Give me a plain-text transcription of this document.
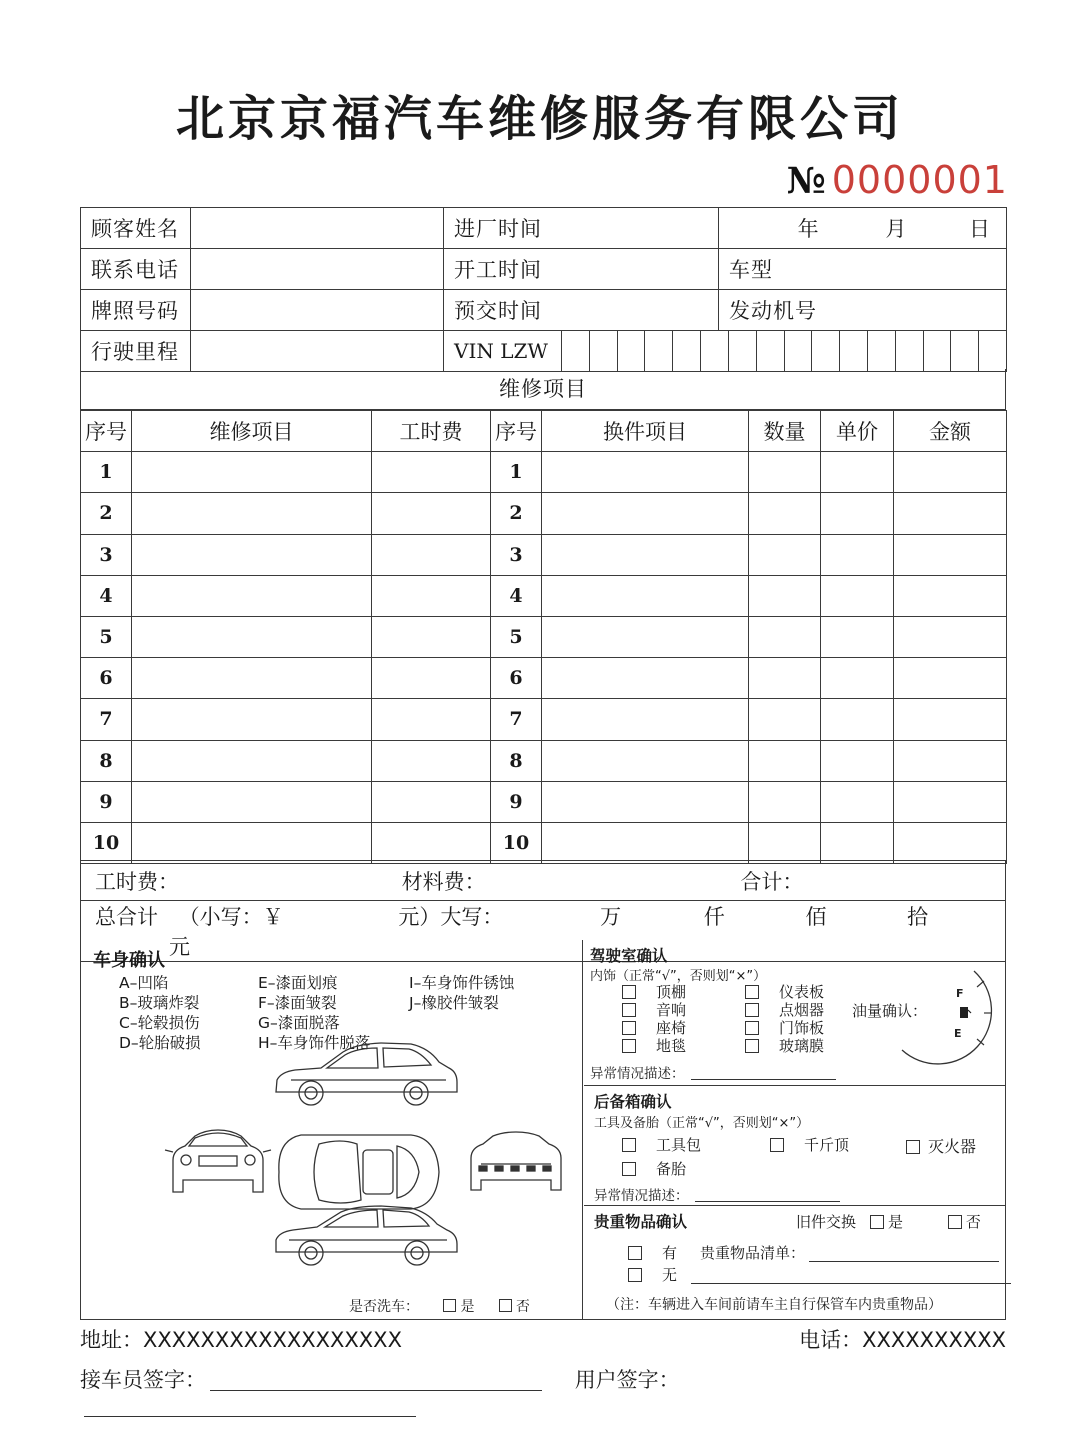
北京京福汽车维修服务有限公司
№ 0000001
顾客姓名		进厂时间	年 月 日
联系电话		开工时间	车型
牌照号码		预交时间	发动机号
行驶里程		VIN LZW	
维修项目
序号	维修项目	工时费	序号	换件项目	数量	单价	金额
1			1				
2			2				
3			3				
4			4				
5			5				
6			6				
7			7				
8			8				
9			9				
10			10				
工时费：	材料费：	合计：
总合计 （小写：￥	元）大写：	万	仟	佰	拾 元
车身确认
A–凹陷
B–玻璃炸裂
C–轮毂损伤
D–轮胎破损
E–漆面划痕
F–漆面皱裂
G–漆面脱落
H–车身饰件脱落
I–车身饰件锈蚀
J–橡胶件皱裂
是否洗车：	是	否
驾驶室确认
内饰（正常“√”，否则划“×”）
顶棚
音响
座椅
地毯
仪表板
点烟器
门饰板
玻璃膜
油量确认：
F
E
异常情况描述：
后备箱确认
工具及备胎（正常“√”，否则划“×”）
工具包	千斤顶	灭火器
备胎
异常情况描述：
贵重物品确认	旧件交换 是	否
有 贵重物品清单：
无
（注：车辆进入车间前请车主自行保管车内贵重物品）
地址：XXXXXXXXXXXXXXXXXX	电话：XXXXXXXXXX
接车员签字：	用户签字：
